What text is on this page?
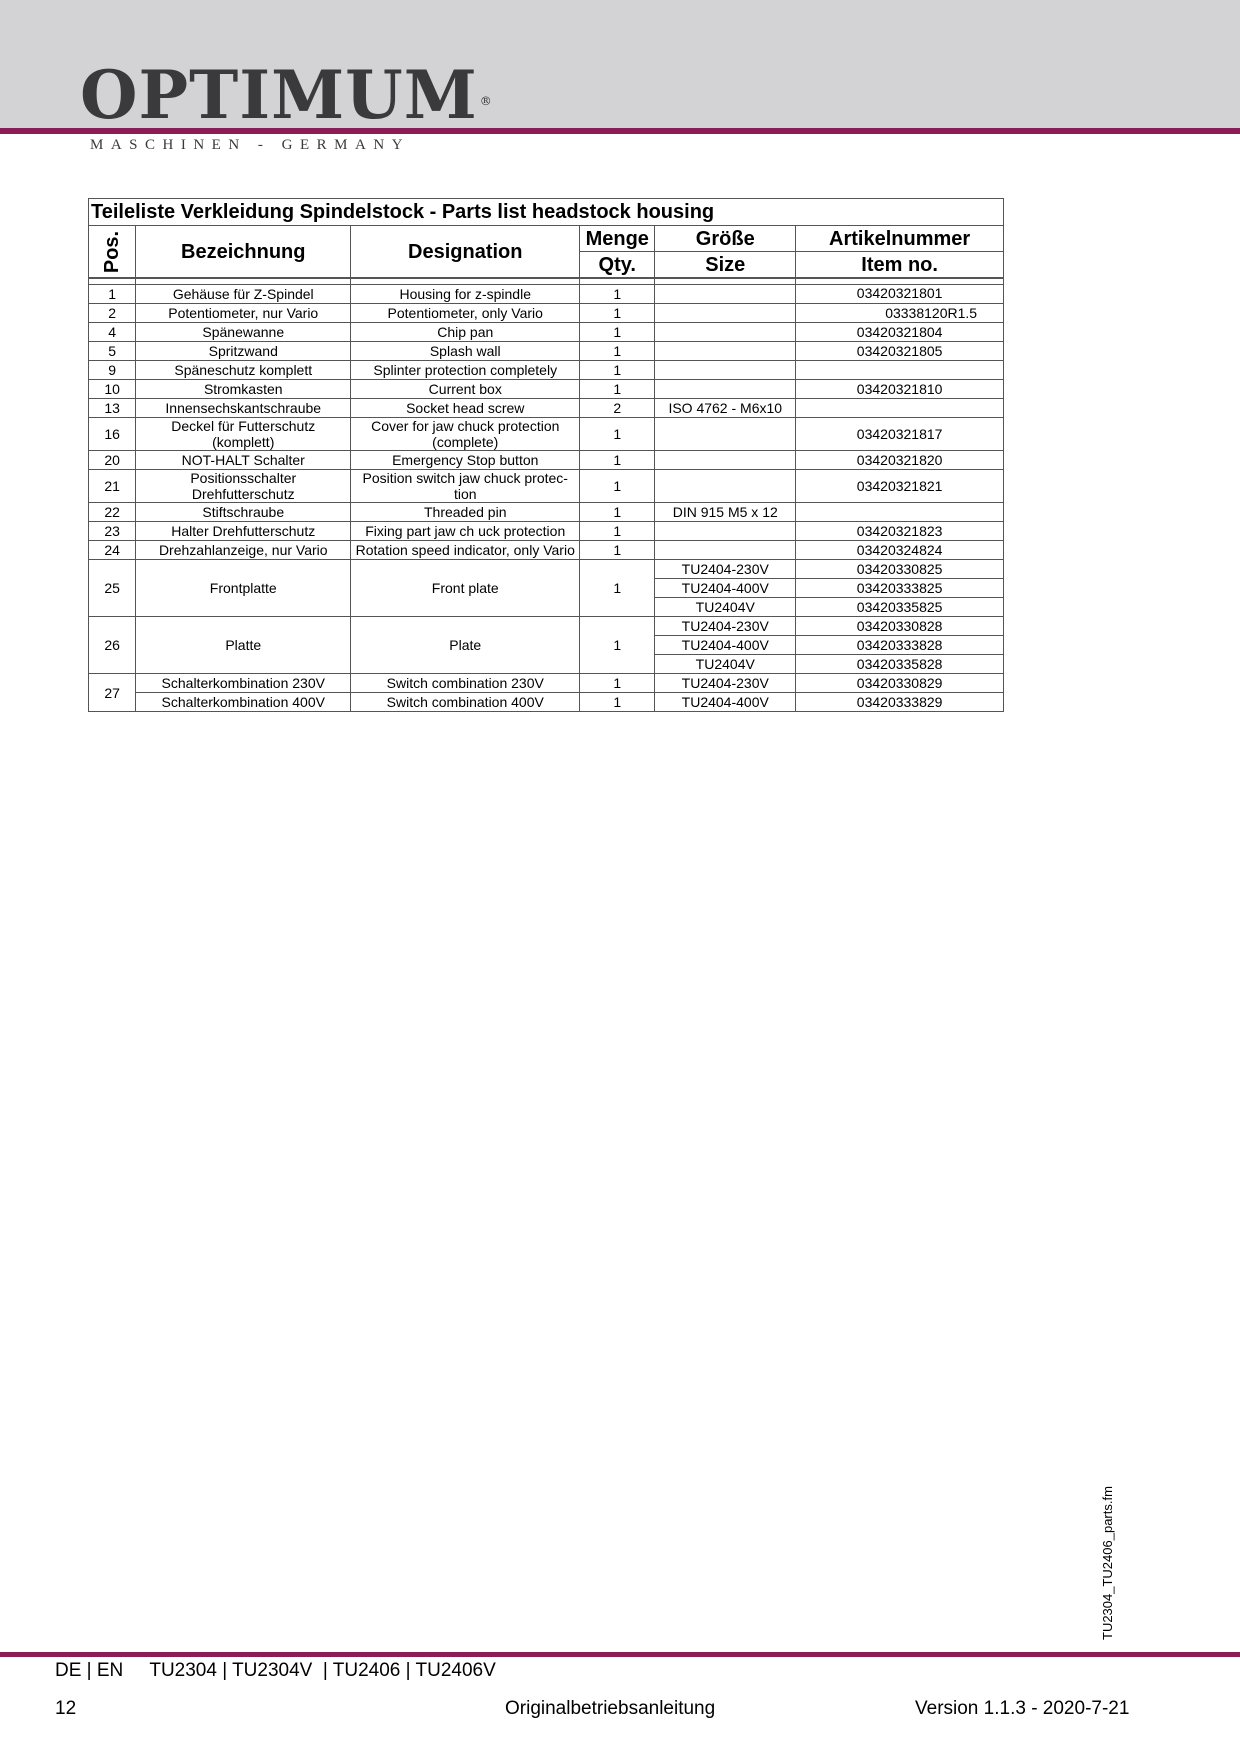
OPTIMUM ®
MASCHINEN - GERMANY
Teileliste Verkleidung Spindelstock - Parts list headstock housing					
Pos.	Bezeichnung	Designation	Menge	Größe	Artikelnummer
			Qty.	Size	Item no.

1	Gehäuse für Z-Spindel	Housing for z-spindle	1		03420321801
2	Potentiometer, nur Vario	Potentiometer, only Vario	1		03338120R1.5
4	Spänewanne	Chip pan	1		03420321804
5	Spritzwand	Splash wall	1		03420321805
9	Späneschutz komplett	Splinter protection completely	1		
10	Stromkasten	Current box	1		03420321810
13	Innensechskantschraube	Socket head screw	2	ISO 4762 - M6x10	
16	Deckel für Futterschutz (komplett)	Cover for jaw chuck protection (complete)	1		03420321817
20	NOT-HALT Schalter	Emergency Stop button	1		03420321820
21	Positionsschalter Drehfutterschutz	Position switch jaw chuck protec-tion	1		03420321821
22	Stiftschraube	Threaded pin	1	DIN 915 M5 x 12	
23	Halter Drehfutterschutz	Fixing part jaw ch uck protection	1		03420321823
24	Drehzahlanzeige, nur Vario	Rotation speed indicator, only Vario	1		03420324824
25	Frontplatte	Front plate	1	TU2404-230V	03420330825
				TU2404-400V	03420333825
				TU2404V	03420335825
26	Platte	Plate	1	TU2404-230V	03420330828
				TU2404-400V	03420333828
				TU2404V	03420335828
27	Schalterkombination 230V	Switch combination 230V	1	TU2404-230V	03420330829
	Schalterkombination 400V	Switch combination 400V	1	TU2404-400V	03420333829
TU2304_TU2406_parts.fm
DE | EN     TU2304 | TU2304V  | TU2406 | TU2406V
12	Originalbetriebsanleitung	Version 1.1.3 - 2020-7-21
